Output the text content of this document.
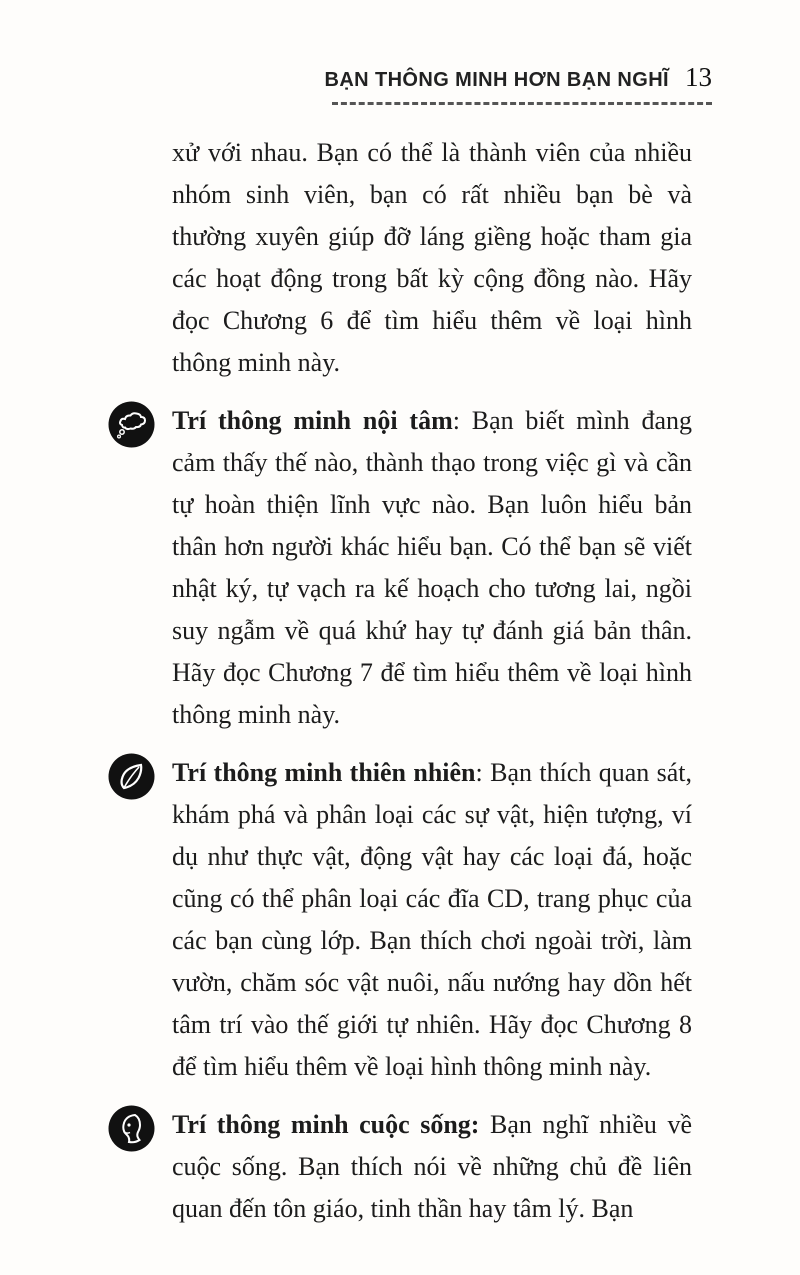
BẠN THÔNG MINH HƠN BẠN NGHĨ 13

xử với nhau. Bạn có thể là thành viên của nhiều nhóm sinh viên, bạn có rất nhiều bạn bè và thường xuyên giúp đỡ láng giềng hoặc tham gia các hoạt động trong bất kỳ cộng đồng nào. Hãy đọc Chương 6 để tìm hiểu thêm về loại hình thông minh này.

Trí thông minh nội tâm: Bạn biết mình đang cảm thấy thế nào, thành thạo trong việc gì và cần tự hoàn thiện lĩnh vực nào. Bạn luôn hiểu bản thân hơn người khác hiểu bạn. Có thể bạn sẽ viết nhật ký, tự vạch ra kế hoạch cho tương lai, ngồi suy ngẫm về quá khứ hay tự đánh giá bản thân. Hãy đọc Chương 7 để tìm hiểu thêm về loại hình thông minh này.
Trí thông minh thiên nhiên: Bạn thích quan sát, khám phá và phân loại các sự vật, hiện tượng, ví dụ như thực vật, động vật hay các loại đá, hoặc cũng có thể phân loại các đĩa CD, trang phục của các bạn cùng lớp. Bạn thích chơi ngoài trời, làm vườn, chăm sóc vật nuôi, nấu nướng hay dồn hết tâm trí vào thế giới tự nhiên. Hãy đọc Chương 8 để tìm hiểu thêm về loại hình thông minh này.
Trí thông minh cuộc sống: Bạn nghĩ nhiều về cuộc sống. Bạn thích nói về những chủ đề liên quan đến tôn giáo, tinh thần hay tâm lý. Bạn
